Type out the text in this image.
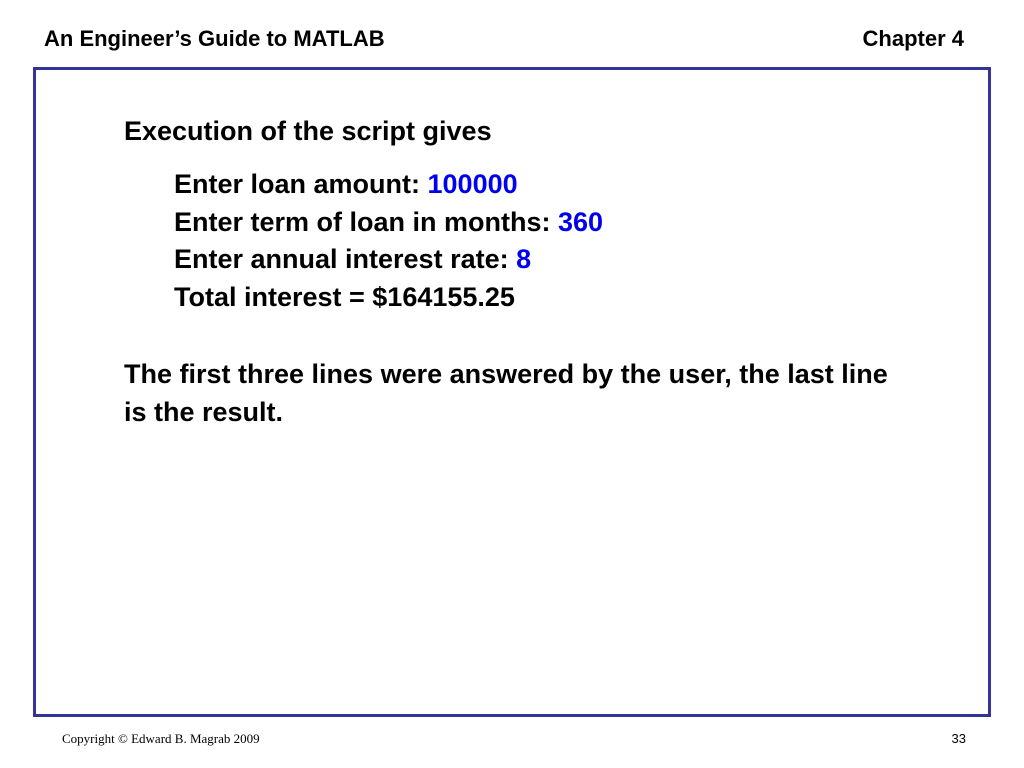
An Engineer’s Guide to MATLAB	Chapter 4
Execution of the script gives
Enter loan amount: 100000
Enter term of loan in months: 360
Enter annual interest rate: 8
Total interest = $164155.25
The first three lines were answered by the user, the last line is the result.
Copyright © Edward B. Magrab 2009	33
